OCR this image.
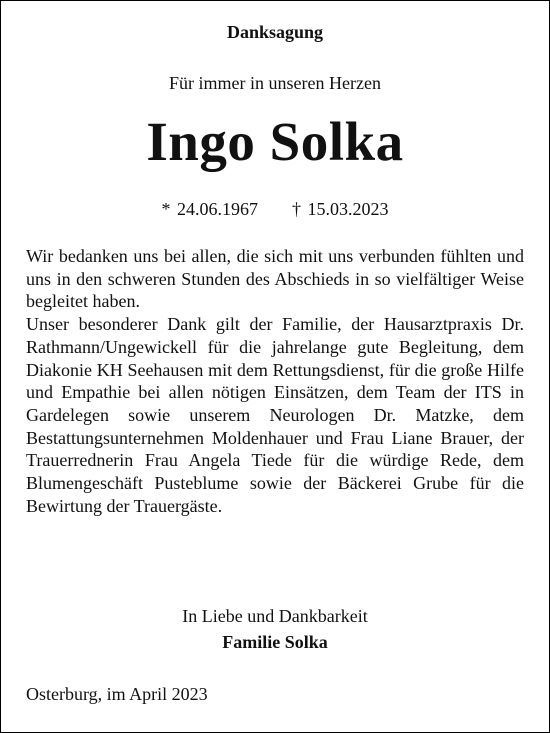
Danksagung
Für immer in unseren Herzen
Ingo Solka
* 24.06.1967 † 15.03.2023

Wir bedanken uns bei allen, die sich mit uns verbunden fühlten und uns in den schweren Stunden des Abschieds in so vielfältiger Weise begleitet haben.

Unser besonderer Dank gilt der Familie, der Hausarztpraxis Dr. Rathmann/Ungewickell für die jahrelange gute Begleitung, dem Diakonie KH Seehausen mit dem Rettungsdienst, für die große Hilfe und Empathie bei allen nötigen Einsätzen, dem Team der ITS in Gardelegen sowie unserem Neurologen Dr. Matzke, dem Bestattungsunternehmen Moldenhauer und Frau Liane Brauer, der Trauerrednerin Frau Angela Tiede für die würdige Rede, dem Blumengeschäft Pusteblume sowie der Bäckerei Grube für die Bewirtung der Trauergäste.

In Liebe und Dankbarkeit
Familie Solka
Osterburg, im April 2023
